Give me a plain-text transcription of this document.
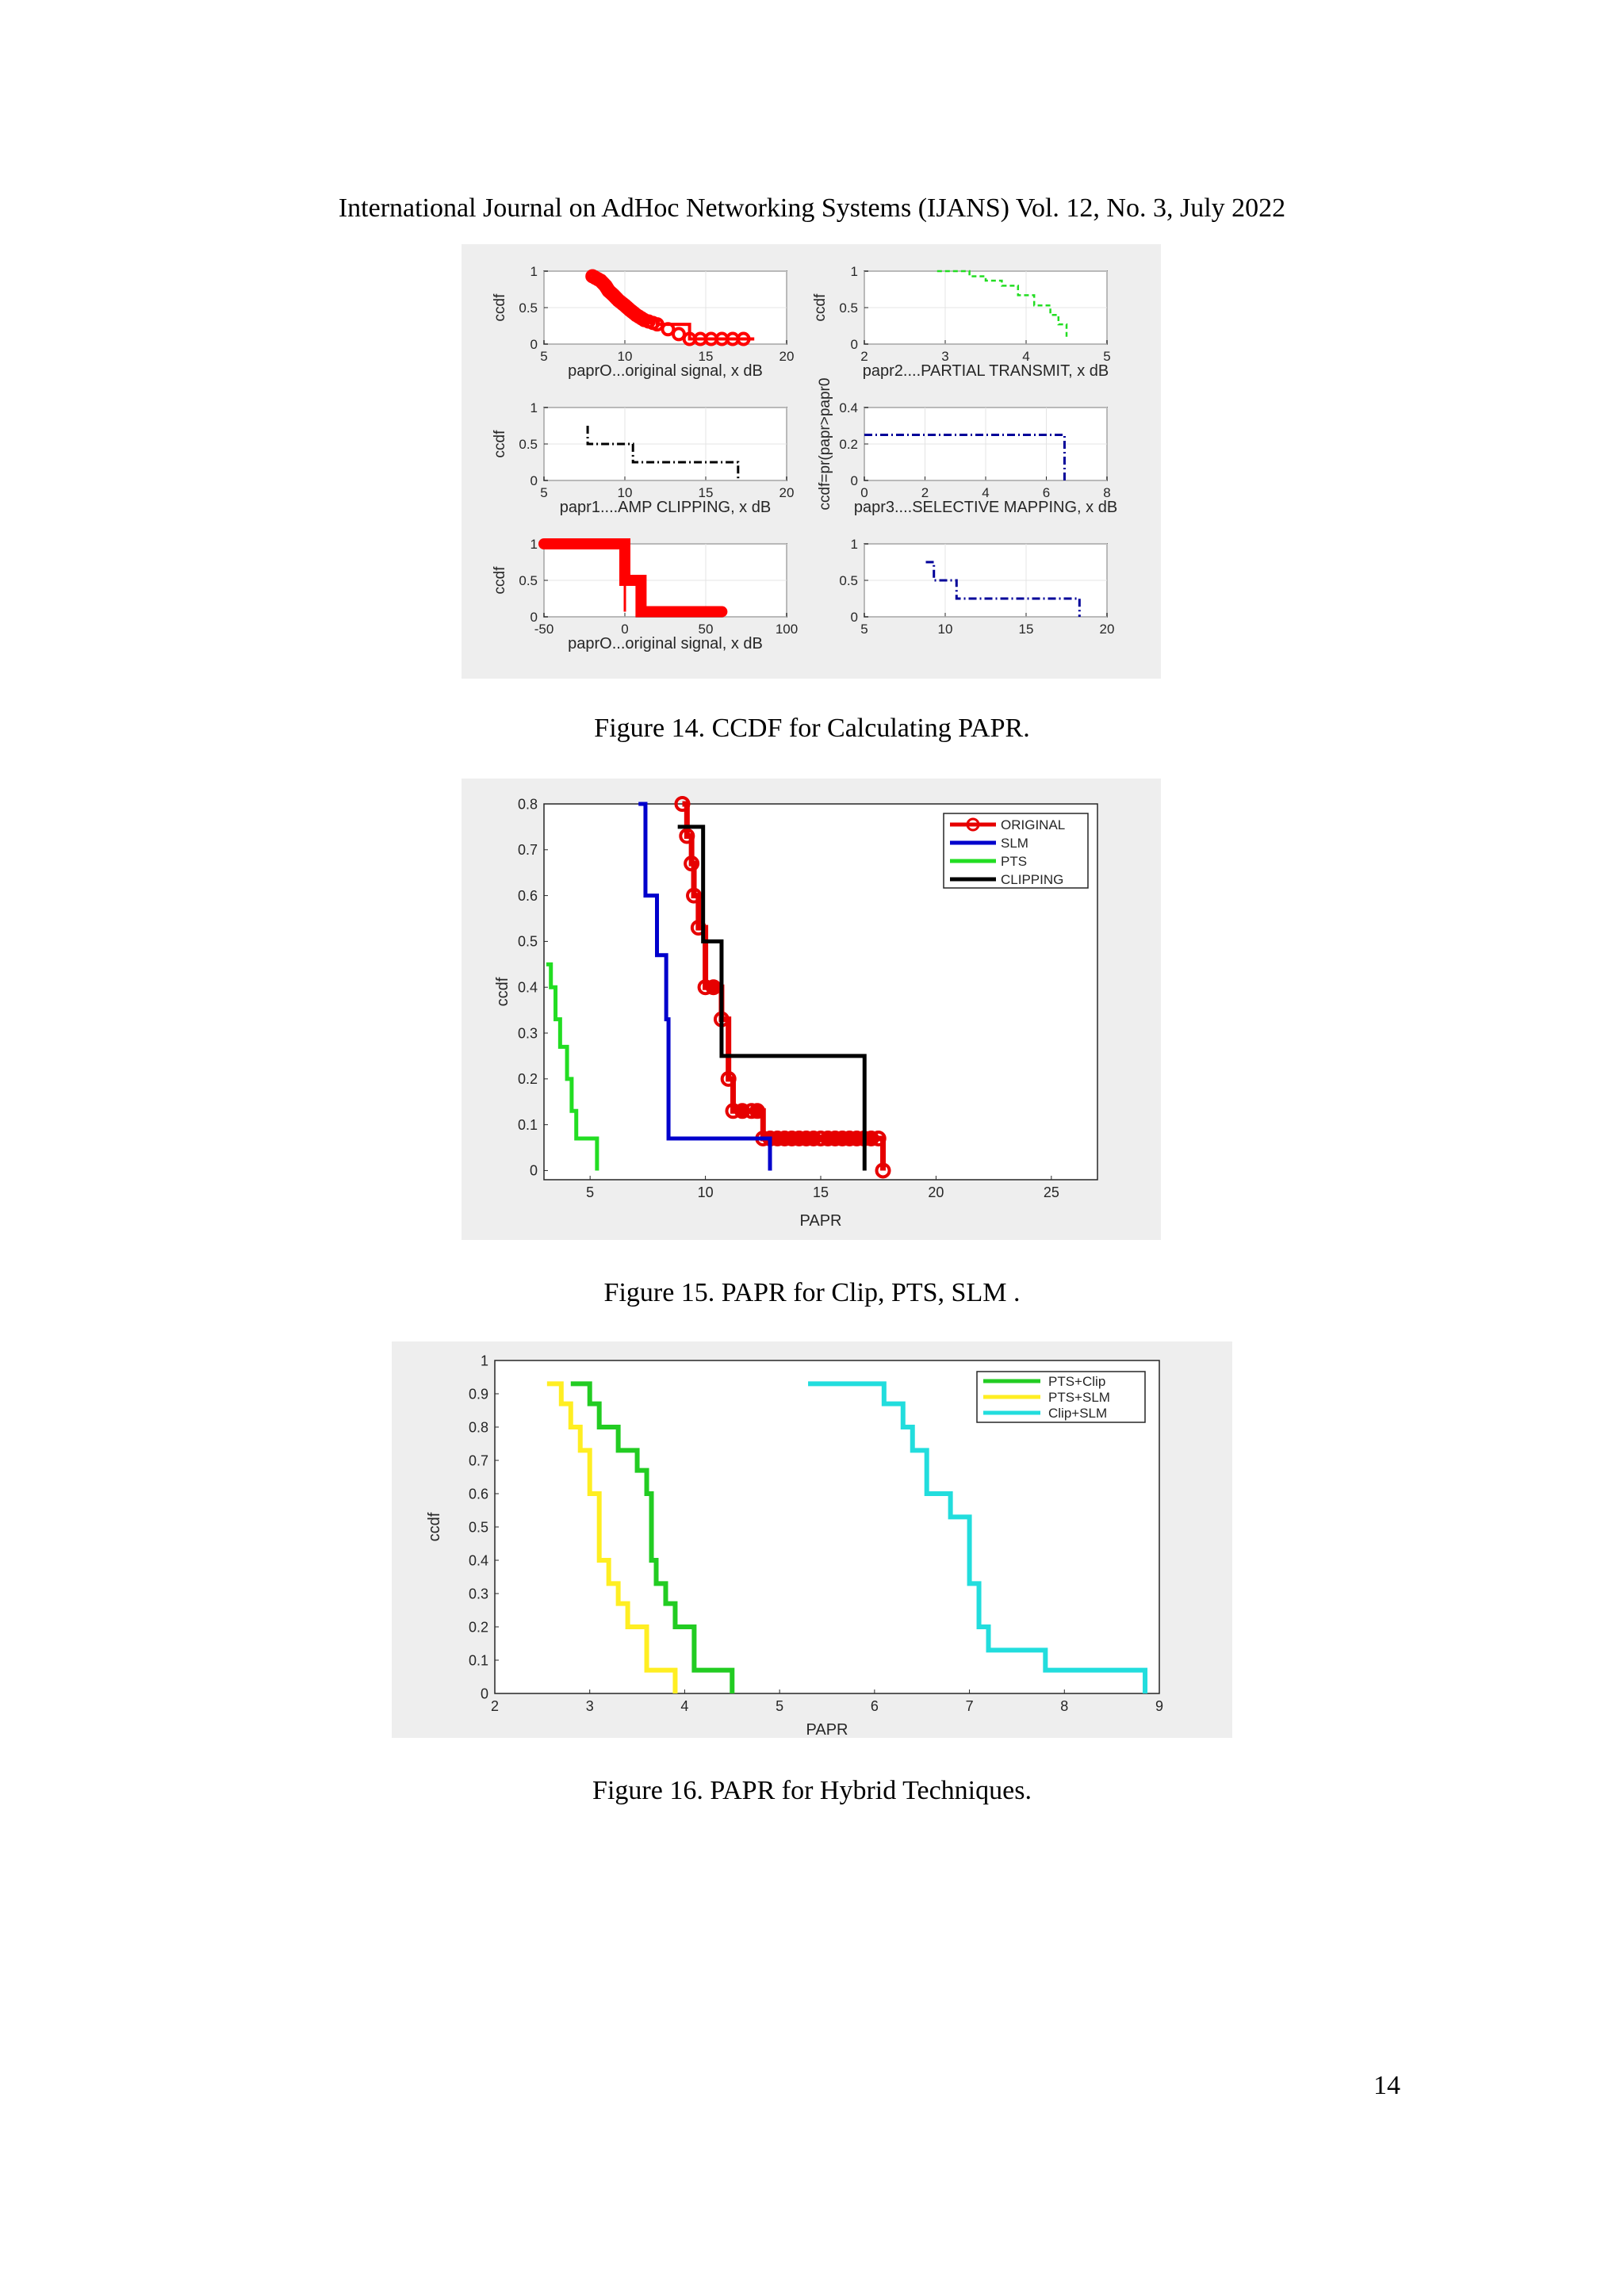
International Journal on AdHoc Networking Systems (IJANS) Vol. 12, No. 3, July 2022
5	10	15	20
0
0.5
1
paprO...original signal, x dB
ccdf
2	3	4	5
0
0.5
1
papr2....PARTIAL TRANSMIT, x dB
ccdf
5	10	15	20
0
0.5
1
papr1....AMP CLIPPING, x dB
ccdf
0	2	4	6	8
0
0.2
0.4
papr3....SELECTIVE MAPPING, x dB
-50	0	50	100
0
0.5
1
paprO...original signal, x dB
ccdf
5	10	15	20
0
0.5
1
ccdf=pr(papr>papr0
Figure 14. CCDF for Calculating PAPR.
5	10	15	20	25
0
0.1
0.2
0.3
0.4
0.5
0.6
0.7
0.8
ORIGINAL
SLM
PTS
CLIPPING
PAPR
ccdf
Figure 15. PAPR for Clip, PTS, SLM .
2	3	4	5	6	7	8	9
0
0.1
0.2
0.3
0.4
0.5
0.6
0.7
0.8
0.9
1
PTS+Clip
PTS+SLM
Clip+SLM
PAPR
ccdf
Figure 16. PAPR for Hybrid Techniques.
14
